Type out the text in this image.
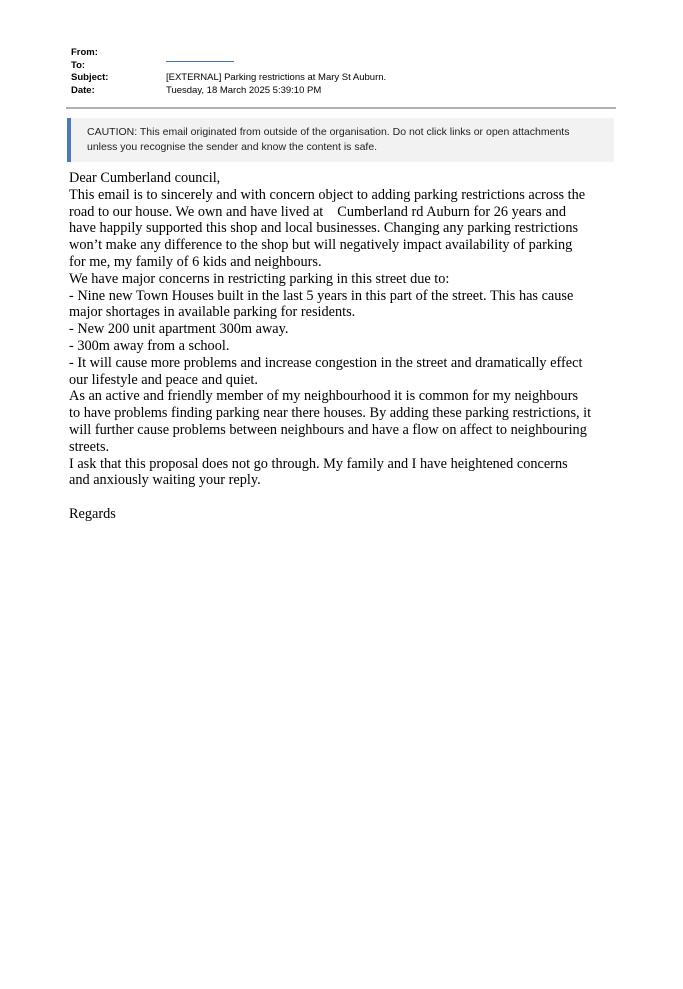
From:
To:
Subject:	[EXTERNAL] Parking restrictions at Mary St Auburn.
Date:	Tuesday, 18 March 2025 5:39:10 PM
CAUTION: This email originated from outside of the organisation. Do not click links or open attachments
unless you recognise the sender and know the content is safe.

Dear Cumberland council,

This email is to sincerely and with concern object to adding parking restrictions across the

road to our house. We own and have lived at Cumberland rd Auburn for 26 years and

have happily supported this shop and local businesses. Changing any parking restrictions

won’t make any difference to the shop but will negatively impact availability of parking

for me, my family of 6 kids and neighbours.

We have major concerns in restricting parking in this street due to:

- Nine new Town Houses built in the last 5 years in this part of the street. This has cause

major shortages in available parking for residents.

- New 200 unit apartment 300m away.

- 300m away from a school.

- It will cause more problems and increase congestion in the street and dramatically effect

our lifestyle and peace and quiet.

As an active and friendly member of my neighbourhood it is common for my neighbours

to have problems finding parking near there houses. By adding these parking restrictions, it

will further cause problems between neighbours and have a flow on affect to neighbouring

streets.

I ask that this proposal does not go through. My family and I have heightened concerns

and anxiously waiting your reply.

Regards
